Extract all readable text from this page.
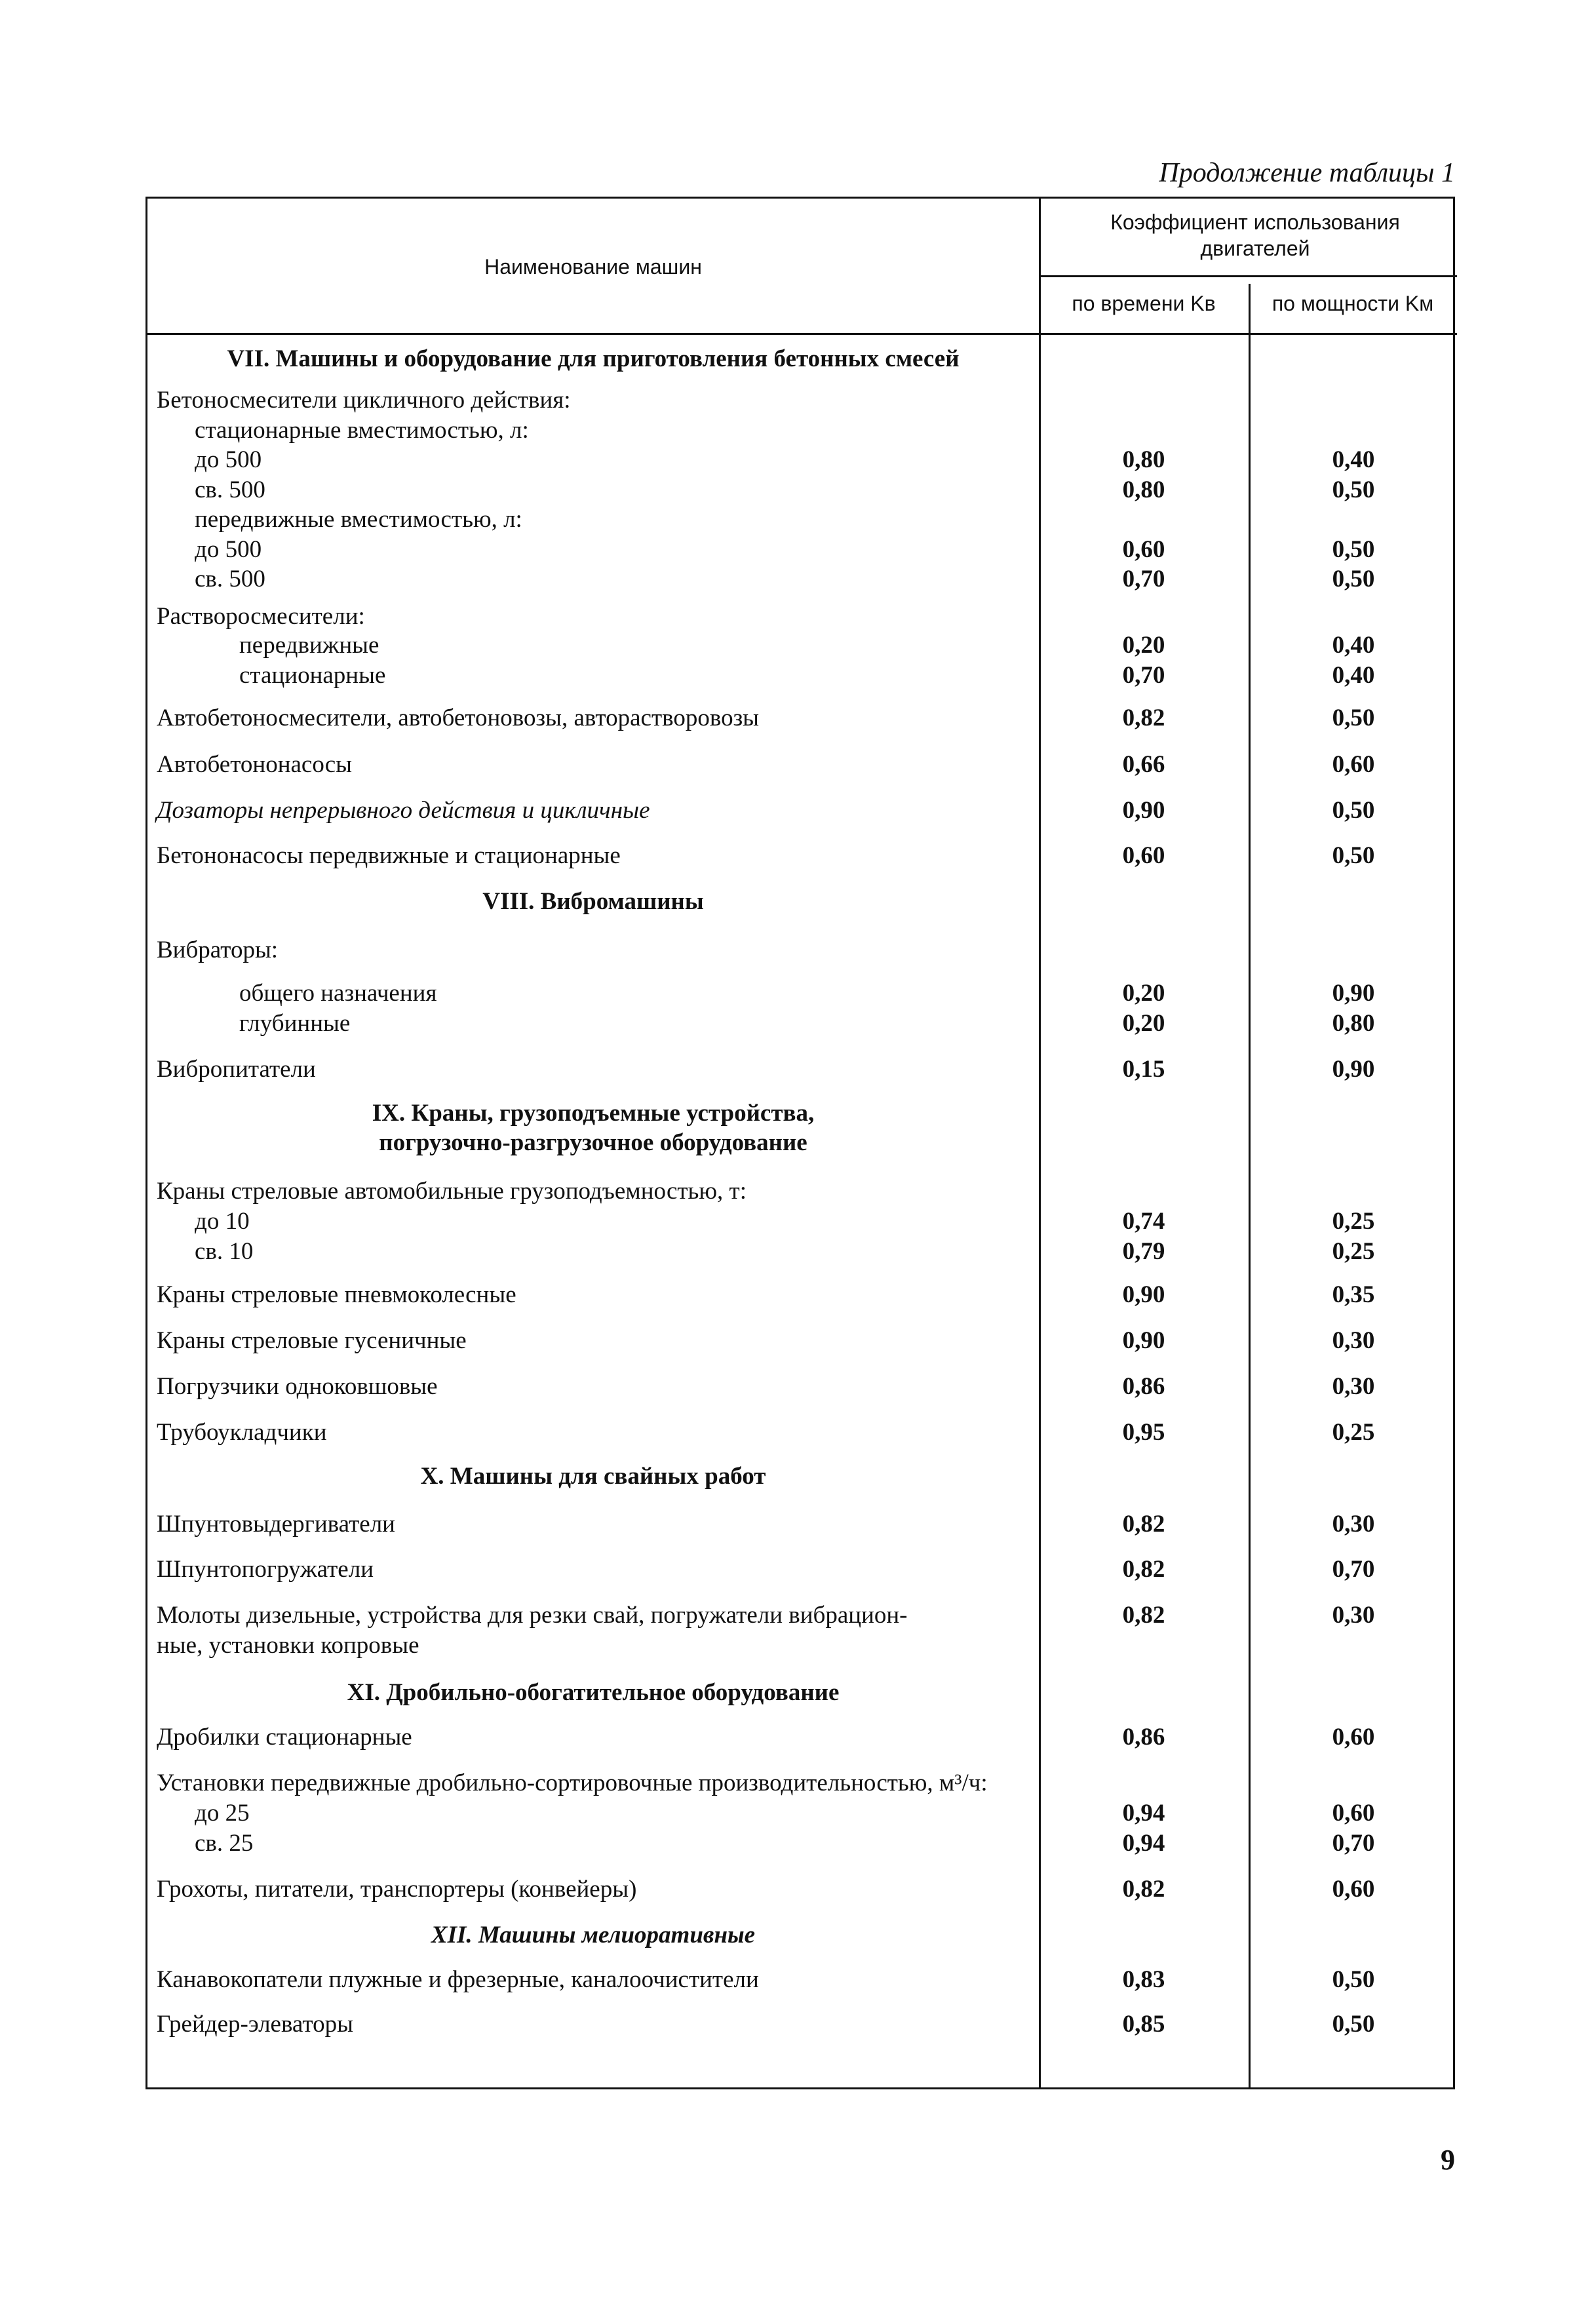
Продолжение таблицы 1
Наименование машин
Коэффициент использования двигателей
по времени Kв	по мощности Kм
VII. Машины и оборудование для приготовления бетонных смесей
Бетоносмесители цикличного действия:
стационарные вместимостью, л:
до 500	0,80	0,40
св. 500	0,80	0,50
передвижные вместимостью, л:
до 500	0,60	0,50
св. 500	0,70	0,50
Растворосмесители:
передвижные	0,20	0,40
стационарные	0,70	0,40
Автобетоносмесители, автобетоновозы, авторастворовозы	0,82	0,50
Автобетононасосы	0,66	0,60
Дозаторы непрерывного действия и цикличные	0,90	0,50
Бетононасосы передвижные и стационарные	0,60	0,50
VIII. Вибромашины
Вибраторы:
общего назначения	0,20	0,90
глубинные	0,20	0,80
Вибропитатели	0,15	0,90
IX. Краны, грузоподъемные устройства,
погрузочно-разгрузочное оборудование
Краны стреловые автомобильные грузоподъемностью, т:
до 10	0,74	0,25
св. 10	0,79	0,25
Краны стреловые пневмоколесные	0,90	0,35
Краны стреловые гусеничные	0,90	0,30
Погрузчики одноковшовые	0,86	0,30
Трубоукладчики	0,95	0,25
X. Машины для свайных работ
Шпунтовыдергиватели	0,82	0,30
Шпунтопогружатели	0,82	0,70
Молоты дизельные, устройства для резки свай, погружатели вибрацион-	0,82	0,30
ные, установки копровые
XI. Дробильно-обогатительное оборудование
Дробилки стационарные	0,86	0,60
Установки передвижные дробильно-сортировочные производительностью, м³/ч:
до 25	0,94	0,60
св. 25	0,94	0,70
Грохоты, питатели, транспортеры (конвейеры)	0,82	0,60
XII. Машины мелиоративные
Канавокопатели плужные и фрезерные, каналоочистители	0,83	0,50
Грейдер-элеваторы	0,85	0,50
9
